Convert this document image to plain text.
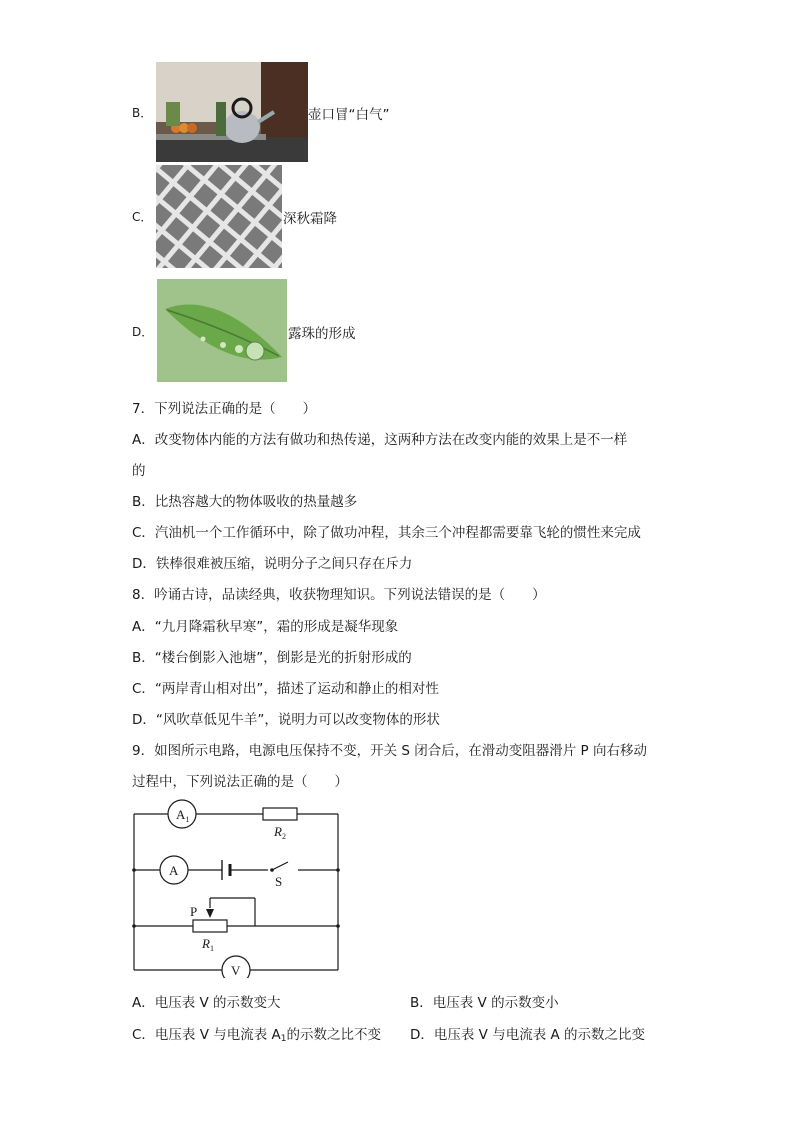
B．	壶口冒“白气”
C．	深秋霜降
D．	露珠的形成
7．下列说法正确的是（　　）
A．改变物体内能的方法有做功和热传递，这两种方法在改变内能的效果上是不一样
的
B．比热容越大的物体吸收的热量越多
C．汽油机一个工作循环中，除了做功冲程，其余三个冲程都需要靠飞轮的惯性来完成
D．铁棒很难被压缩，说明分子之间只存在斥力
8．吟诵古诗，品读经典，收获物理知识。下列说法错误的是（　　）
A．“九月降霜秋早寒”，霜的形成是凝华现象
B．“楼台倒影入池塘”，倒影是光的折射形成的
C．“两岸青山相对出”，描述了运动和静止的相对性
D．“风吹草低见牛羊”，说明力可以改变物体的形状
9．如图所示电路，电源电压保持不变，开关 S 闭合后，在滑动变阻器滑片 P 向右移动
过程中，下列说法正确的是（　　）
$A_1$
$R_2$
A
S
P
$R_1$
V
A．电压表 V 的示数变大	B．电压表 V 的示数变小
C．电压表 V 与电流表 $A_1$的示数之比不变 D．电压表 V 与电流表 A 的示数之比变
